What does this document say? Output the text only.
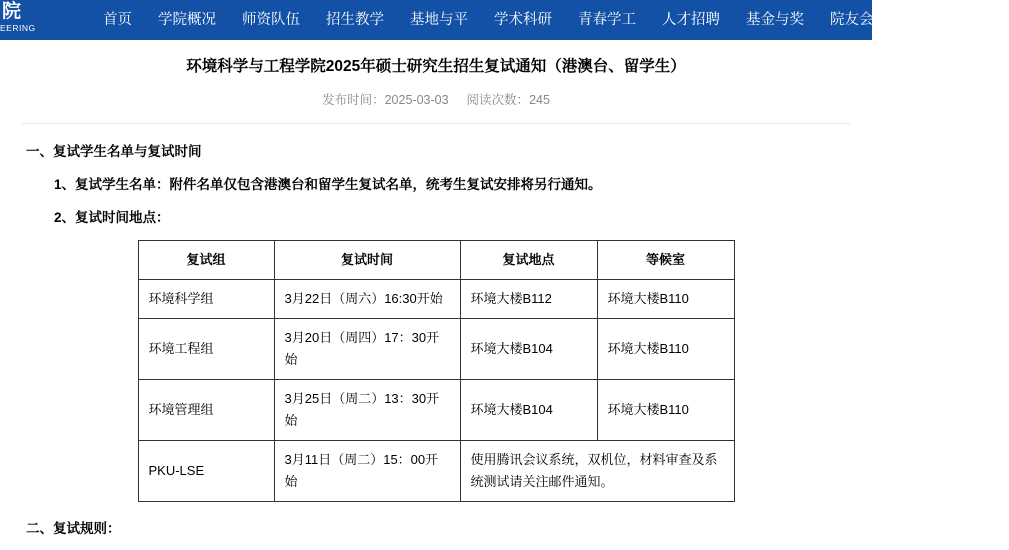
院
EERING	首页	学院概况	师资队伍	招生教学	基地与平	学术科研	青春学工	人才招聘	基金与奖	院友会	办公服务	Eng
环境科学与工程学院2025年硕士研究生招生复试通知（港澳台、留学生）
发布时间：2025-03-03 阅读次数：245
一、复试学生名单与复试时间
1、复试学生名单：附件名单仅包含港澳台和留学生复试名单，统考生复试安排将另行通知。
2、复试时间地点：
复试组	复试时间	复试地点	等候室
环境科学组	3月22日（周六）16:30开始	环境大楼B112	环境大楼B110
环境工程组	3月20日（周四）17：30开始	环境大楼B104	环境大楼B110
环境管理组	3月25日（周二）13：30开始	环境大楼B104	环境大楼B110
PKU-LSE	3月11日（周二）15：00开始	使用腾讯会议系统，双机位，材料审查及系统测试请关注邮件通知。	
二、复试规则：
